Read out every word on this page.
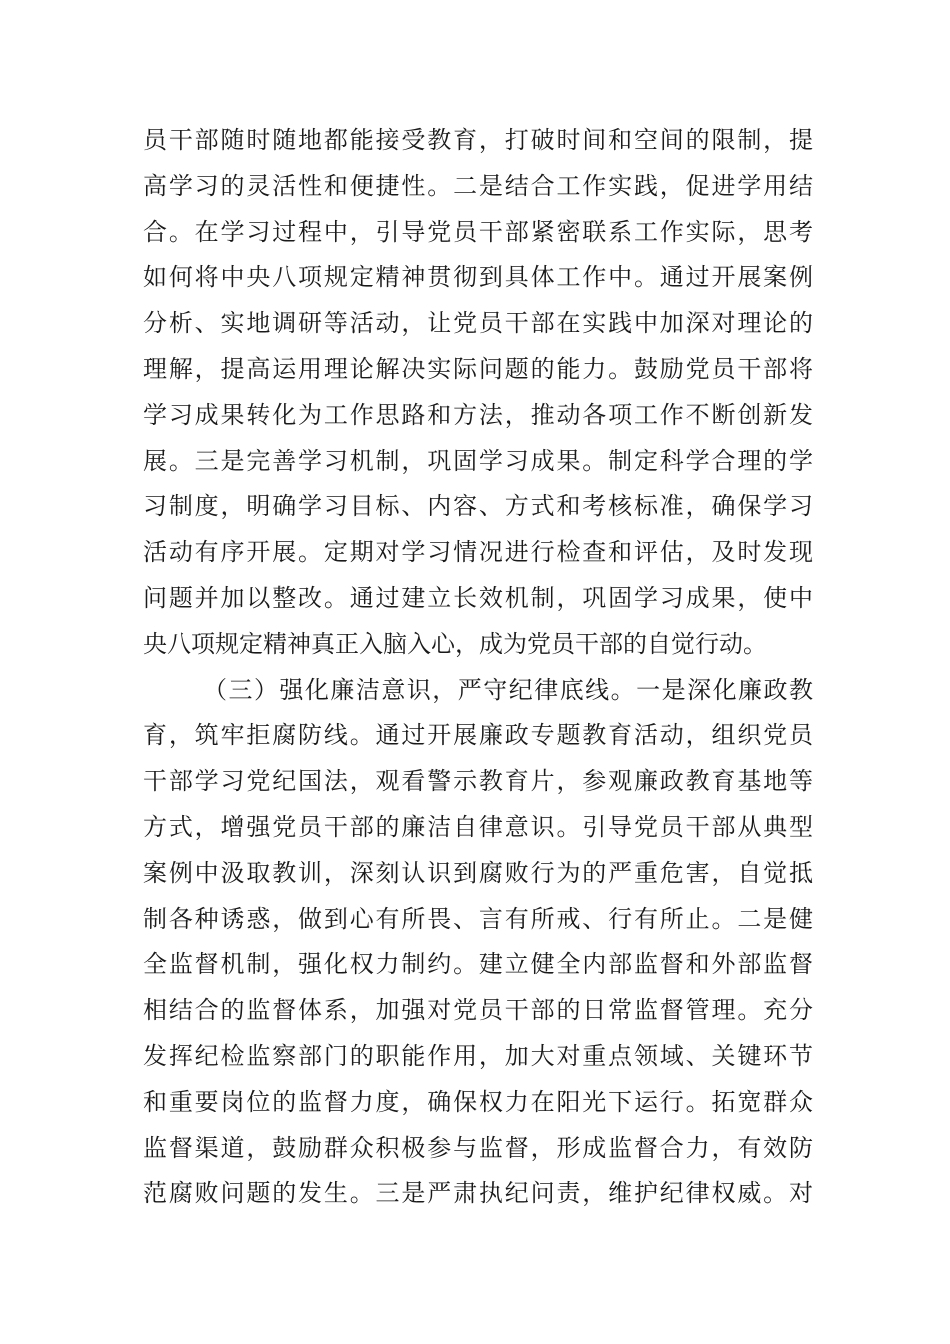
员干部随时随地都能接受教育，打破时间和空间的限制，提
高学习的灵活性和便捷性。二是结合工作实践，促进学用结
合。在学习过程中，引导党员干部紧密联系工作实际，思考
如何将中央八项规定精神贯彻到具体工作中。通过开展案例
分析、实地调研等活动，让党员干部在实践中加深对理论的
理解，提高运用理论解决实际问题的能力。鼓励党员干部将
学习成果转化为工作思路和方法，推动各项工作不断创新发
展。三是完善学习机制，巩固学习成果。制定科学合理的学
习制度，明确学习目标、内容、方式和考核标准，确保学习
活动有序开展。定期对学习情况进行检查和评估，及时发现
问题并加以整改。通过建立长效机制，巩固学习成果，使中
央八项规定精神真正入脑入心，成为党员干部的自觉行动。
（三）强化廉洁意识，严守纪律底线。一是深化廉政教
育，筑牢拒腐防线。通过开展廉政专题教育活动，组织党员
干部学习党纪国法，观看警示教育片，参观廉政教育基地等
方式，增强党员干部的廉洁自律意识。引导党员干部从典型
案例中汲取教训，深刻认识到腐败行为的严重危害，自觉抵
制各种诱惑，做到心有所畏、言有所戒、行有所止。二是健
全监督机制，强化权力制约。建立健全内部监督和外部监督
相结合的监督体系，加强对党员干部的日常监督管理。充分
发挥纪检监察部门的职能作用，加大对重点领域、关键环节
和重要岗位的监督力度，确保权力在阳光下运行。拓宽群众
监督渠道，鼓励群众积极参与监督，形成监督合力，有效防
范腐败问题的发生。三是严肃执纪问责，维护纪律权威。对
